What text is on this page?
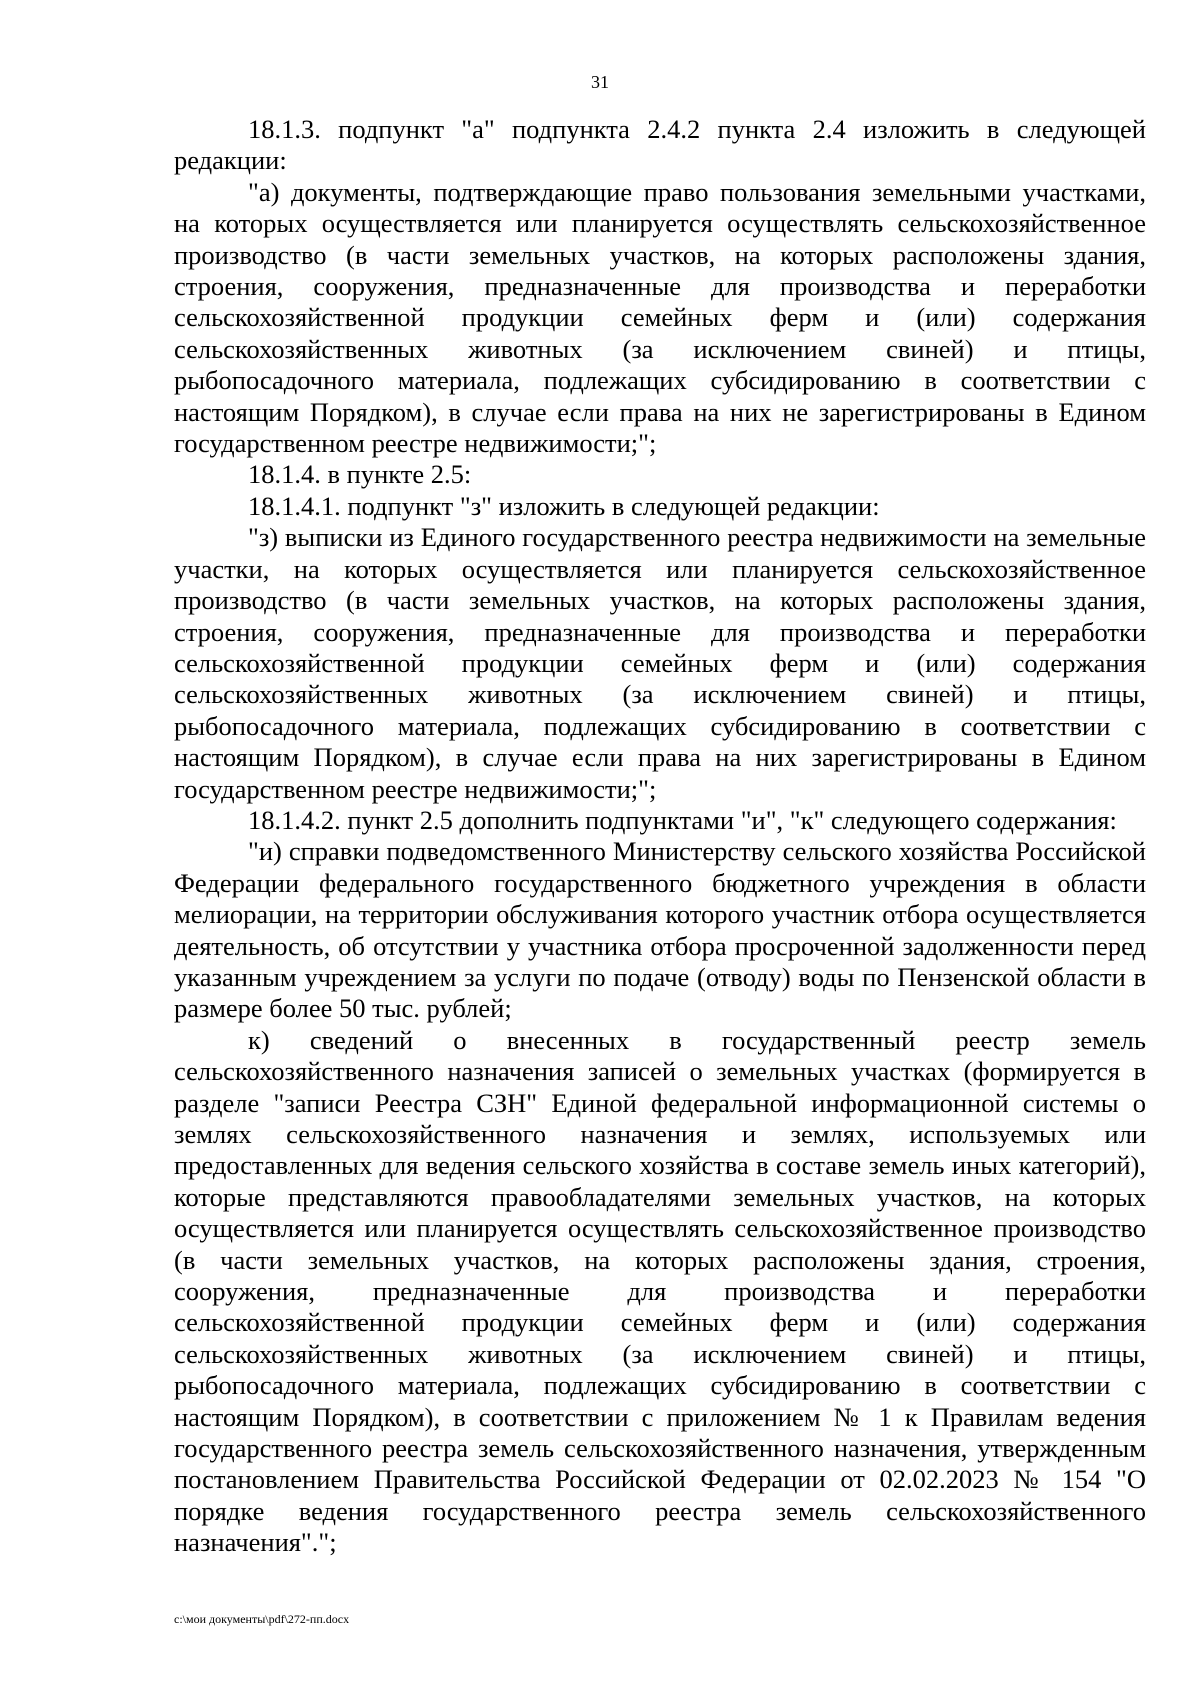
31

18.1.3. подпункт "а" подпункта 2.4.2 пункта 2.4 изложить в следующей редакции:

"а) документы, подтверждающие право пользования земельными участками, на которых осуществляется или планируется осуществлять сельскохозяйственное производство (в части земельных участков, на которых расположены здания, строения, сооружения, предназначенные для производства и переработки сельскохозяйственной продукции семейных ферм и (или) содержания сельскохозяйственных животных (за исключением свиней) и птицы, рыбопосадочного материала, подлежащих субсидированию в соответствии с настоящим Порядком), в случае если права на них не зарегистрированы в Едином государственном реестре недвижимости;";

18.1.4. в пункте 2.5:

18.1.4.1. подпункт "з" изложить в следующей редакции:

"з) выписки из Единого государственного реестра недвижимости на земельные участки, на которых осуществляется или планируется сельскохозяйственное производство (в части земельных участков, на которых расположены здания, строения, сооружения, предназначенные для производства и переработки сельскохозяйственной продукции семейных ферм и (или) содержания сельскохозяйственных животных (за исключением свиней) и птицы, рыбопосадочного материала, подлежащих субсидированию в соответствии с настоящим Порядком), в случае если права на них зарегистрированы в Едином государственном реестре недвижимости;";

18.1.4.2. пункт 2.5 дополнить подпунктами "и", "к" следующего содержания:

"и) справки подведомственного Министерству сельского хозяйства Российской Федерации федерального государственного бюджетного учреждения в области мелиорации, на территории обслуживания которого участник отбора осуществляется деятельность, об отсутствии у участника отбора просроченной задолженности перед указанным учреждением за услуги по подаче (отводу) воды по Пензенской области в размере более 50 тыс. рублей;

к) сведений о внесенных в государственный реестр земель сельскохозяйственного назначения записей о земельных участках (формируется в разделе "записи Реестра СЗН" Единой федеральной информационной системы о землях сельскохозяйственного назначения и землях, используемых или предоставленных для ведения сельского хозяйства в составе земель иных категорий), которые представляются правообладателями земельных участков, на которых осуществляется или планируется осуществлять сельскохозяйственное производство (в части земельных участков, на которых расположены здания, строения, сооружения, предназначенные для производства и переработки сельскохозяйственной продукции семейных ферм и (или) содержания сельскохозяйственных животных (за исключением свиней) и птицы, рыбопосадочного материала, подлежащих субсидированию в соответствии с настоящим Порядком), в соответствии с приложением № 1 к Правилам ведения государственного реестра земель сельскохозяйственного назначения, утвержденным постановлением Правительства Российской Федерации от 02.02.2023 № 154 "О порядке ведения государственного реестра земель сельскохозяйственного назначения".";

c:\мои документы\pdf\272-пп.docx
